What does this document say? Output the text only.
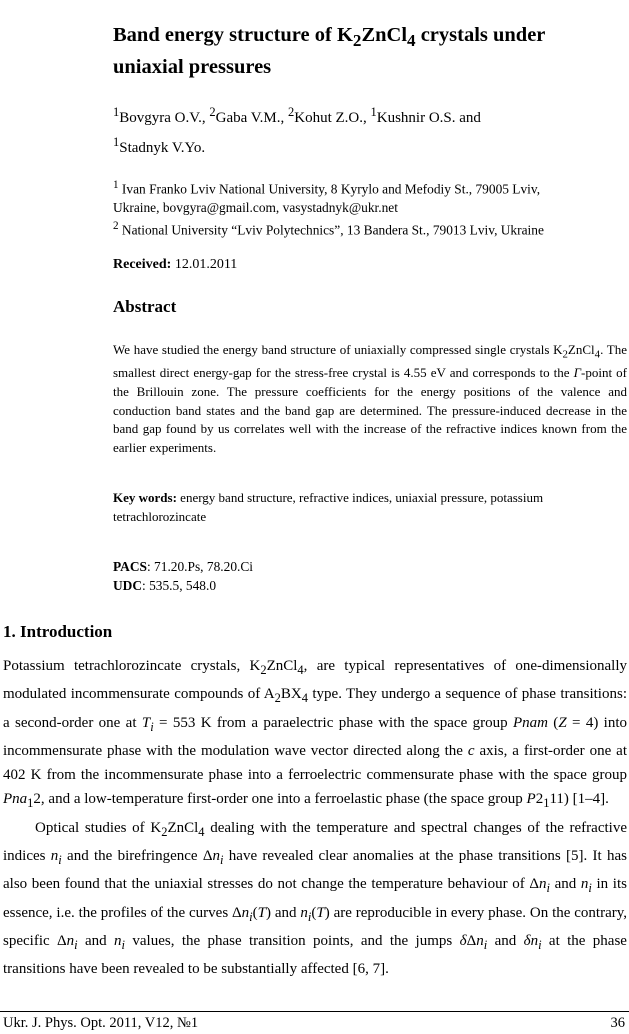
Band energy structure of $K_2ZnCl_4$ crystals under
uniaxial pressures
$^1$Bovgyra O.V., $^2$Gaba V.M., $^2$Kohut Z.O., $^1$Kushnir O.S. and
$^1$Stadnyk V.Yo.
$^1$ Ivan Franko Lviv National University, 8 Kyrylo and Mefodiy St., 79005 Lviv,
Ukraine, bovgyra@gmail.com, vasystadnyk@ukr.net
$^2$ National University “Lviv Polytechnics”, 13 Bandera St., 79013 Lviv, Ukraine
Received: 12.01.2011
Abstract
We have studied the energy band structure of uniaxially compressed single crystals $K_2ZnCl_4$. The smallest direct energy-gap for the stress-free crystal is 4.55 eV and corresponds to the Γ-point of the Brillouin zone. The pressure coefficients for the energy positions of the valence and conduction band states and the band gap are determined. The pressure-induced decrease in the band gap found by us correlates well with the increase of the refractive indices known from the earlier experiments.
Key words: energy band structure, refractive indices, uniaxial pressure, potassium tetrachlorozincate
PACS: 71.20.Ps, 78.20.Ci
UDC: 535.5, 548.0
1. Introduction

Potassium tetrachlorozincate crystals, $K_2ZnCl_4$, are typical representatives of one-dimensionally modulated incommensurate compounds of $A_2BX_4$ type. They undergo a sequence of phase transitions: a second-order one at $T_i = 553$ K from a paraelectric phase with the space group Pnam (Z = 4) into incommensurate phase with the modulation wave vector directed along the c axis, a first-order one at 402 K from the incommensurate phase into a ferroelectric commensurate phase with the space group Pna$_1$2, and a low-temperature first-order one into a ferroelastic phase (the space group $P2_111$) [1–4].

Optical studies of $K_2ZnCl_4$ dealing with the temperature and spectral changes of the refractive indices $n_i$ and the birefringence $\Delta n_i$ have revealed clear anomalies at the phase transitions [5]. It has also been found that the uniaxial stresses do not change the temperature behaviour of $\Delta n_i$ and $n_i$ in its essence, i.e. the profiles of the curves $\Delta n_i(T)$ and $n_i(T)$ are reproducible in every phase. On the contrary, specific $\Delta n_i$ and $n_i$ values, the phase transition points, and the jumps δΔn$_i$ and $\delta n_i$ at the phase transitions have been revealed to be substantially affected [6, 7].

Ukr. J. Phys. Opt. 2011, V12, №1	36
